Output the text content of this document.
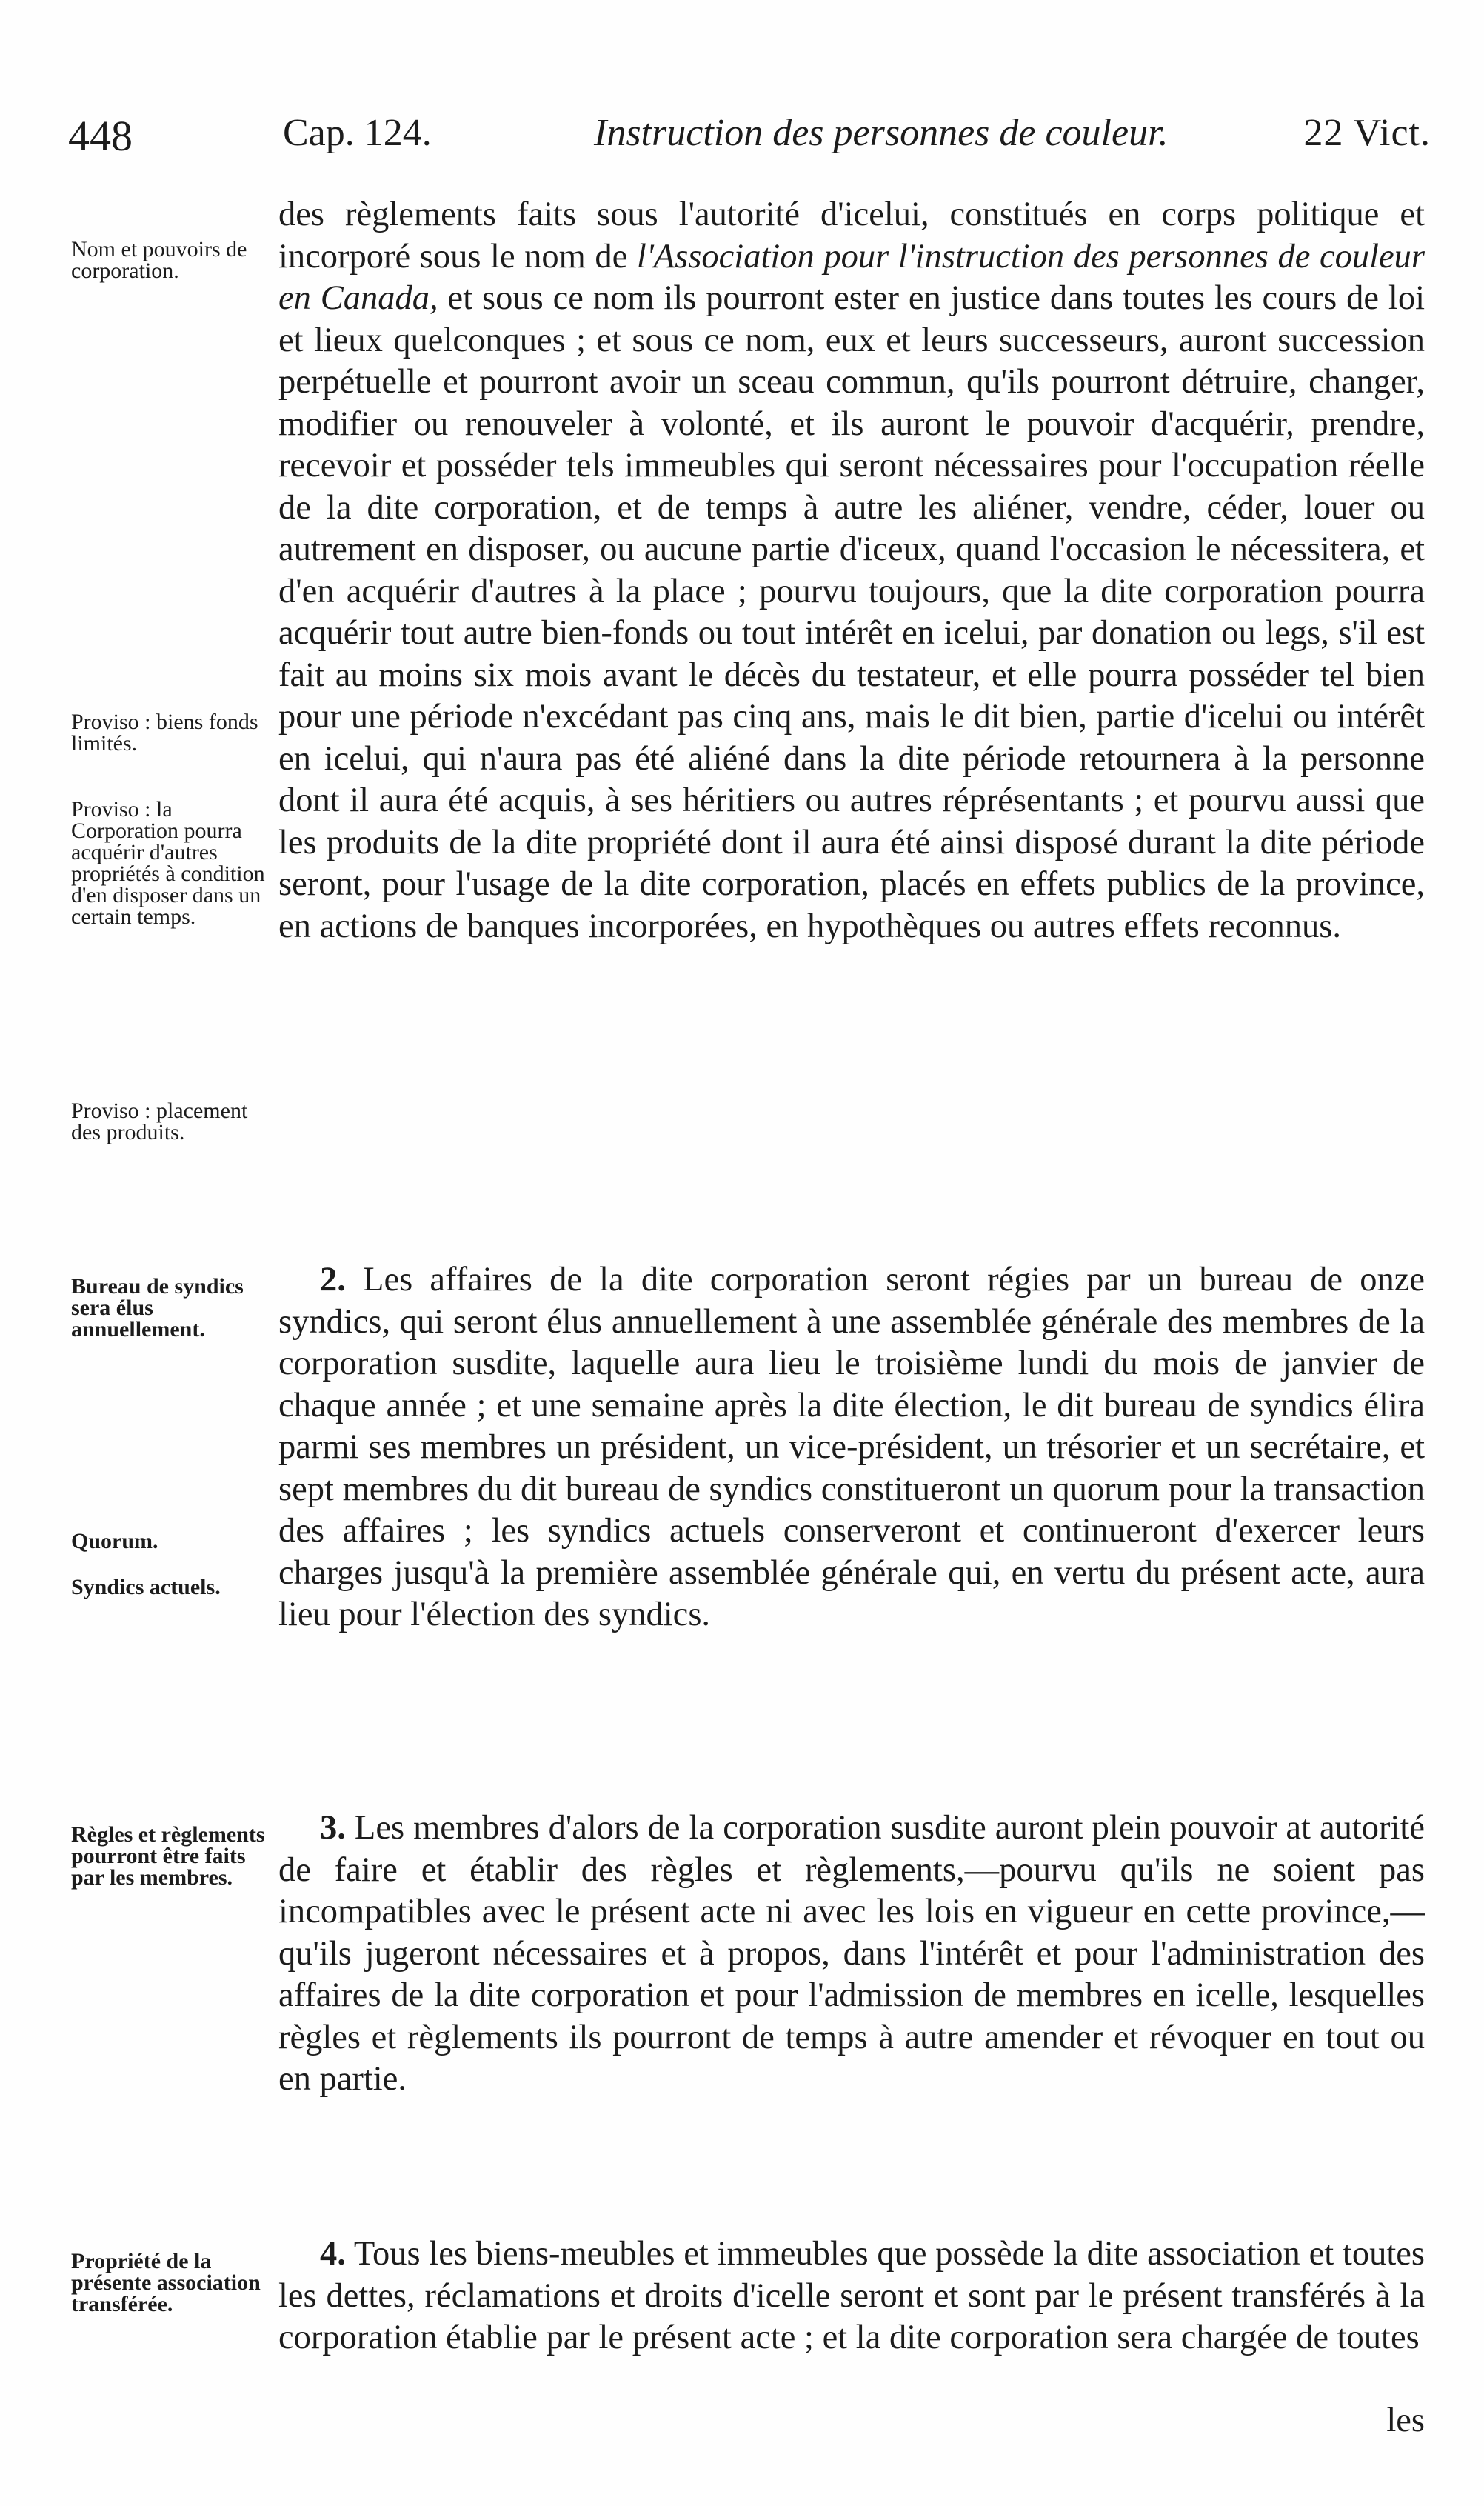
448	Cap. 124.	Instruction des personnes de couleur.	22 Vict.
Nom et pouvoirs de corporation.
Proviso : biens fonds limités.
Proviso : la Corporation pourra acquérir d'autres propriétés à condition d'en disposer dans un certain temps.
Proviso : placement des produits.
Bureau de syndics sera élus annuellement.
Quorum.
Syndics actuels.
Règles et règlements pourront être faits par les membres.
Propriété de la présente association transférée.

des règlements faits sous l'autorité d'icelui, constitués en corps politique et incorporé sous le nom de l'Association pour l'instruction des personnes de couleur en Canada, et sous ce nom ils pourront ester en justice dans toutes les cours de loi et lieux quelconques ; et sous ce nom, eux et leurs successeurs, auront succession perpétuelle et pourront avoir un sceau commun, qu'ils pourront détruire, changer, modifier ou renouveler à volonté, et ils auront le pouvoir d'acquérir, prendre, recevoir et posséder tels immeubles qui seront nécessaires pour l'occupation réelle de la dite corporation, et de temps à autre les aliéner, vendre, céder, louer ou autrement en disposer, ou aucune partie d'iceux, quand l'occasion le nécessitera, et d'en acquérir d'autres à la place ; pourvu toujours, que la dite corporation pourra acquérir tout autre bien-fonds ou tout intérêt en icelui, par donation ou legs, s'il est fait au moins six mois avant le décès du testateur, et elle pourra posséder tel bien pour une période n'excédant pas cinq ans, mais le dit bien, partie d'icelui ou intérêt en icelui, qui n'aura pas été aliéné dans la dite période retournera à la personne dont il aura été acquis, à ses héritiers ou autres réprésentants ; et pourvu aussi que les produits de la dite propriété dont il aura été ainsi disposé durant la dite période seront, pour l'usage de la dite corporation, placés en effets publics de la province, en actions de banques incorporées, en hypothèques ou autres effets reconnus.

2. Les affaires de la dite corporation seront régies par un bureau de onze syndics, qui seront élus annuellement à une assemblée générale des membres de la corporation susdite, laquelle aura lieu le troisième lundi du mois de janvier de chaque année ; et une semaine après la dite élection, le dit bureau de syndics élira parmi ses membres un président, un vice-président, un trésorier et un secrétaire, et sept membres du dit bureau de syndics constitueront un quorum pour la transaction des affaires ; les syndics actuels conserveront et continueront d'exercer leurs charges jusqu'à la première assemblée générale qui, en vertu du présent acte, aura lieu pour l'élection des syndics.

3. Les membres d'alors de la corporation susdite auront plein pouvoir at autorité de faire et établir des règles et règlements,—pourvu qu'ils ne soient pas incompatibles avec le présent acte ni avec les lois en vigueur en cette province,—qu'ils jugeront nécessaires et à propos, dans l'intérêt et pour l'administration des affaires de la dite corporation et pour l'admission de membres en icelle, lesquelles règles et règlements ils pourront de temps à autre amender et révoquer en tout ou en partie.

4. Tous les biens-meubles et immeubles que possède la dite association et toutes les dettes, réclamations et droits d'icelle seront et sont par le présent transférés à la corporation établie par le présent acte ; et la dite corporation sera chargée de toutes

les
